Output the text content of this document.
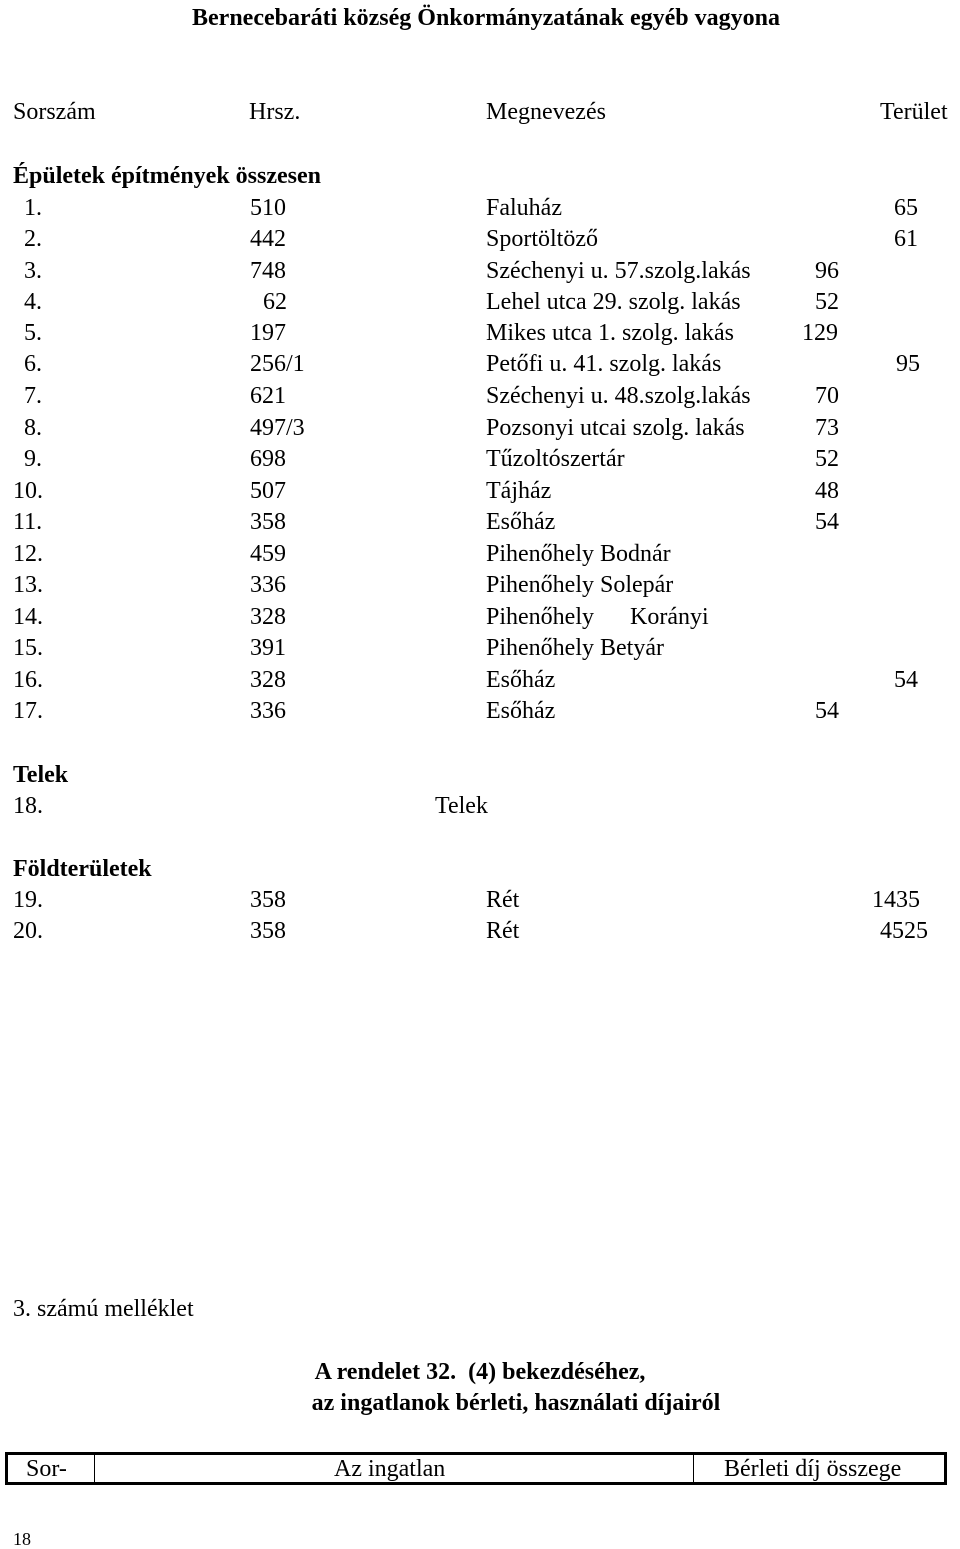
Bernecebaráti község Önkormányzatának egyéb vagyona
Sorszám	Hrsz.	Megnevezés	Terület
Épületek építmények összesen
1.	510	Faluház	65
2.	442	Sportöltöző	61
3.	748	Széchenyi u. 57.szolg.lakás	96
4.	62	Lehel utca 29. szolg. lakás	52
5.	197	Mikes utca 1. szolg. lakás	129
6.	256/1	Petőfi u. 41. szolg. lakás	95
7.	621	Széchenyi u. 48.szolg.lakás	70
8.	497/3	Pozsonyi utcai szolg. lakás	73
9.	698	Tűzoltószertár	52
10.	507	Tájház	48
11.	358	Esőház	54
12.	459	Pihenőhely Bodnár
13.	336	Pihenőhely Solepár
14.	328	Pihenőhely      Korányi
15.	391	Pihenőhely Betyár
16.	328	Esőház	54
17.	336	Esőház	54
Telek
18.	Telek
Földterületek
19.	358	Rét	1435
20.	358	Rét	4525
3. számú melléklet
A rendelet 32.  (4) bekezdéséhez,
az ingatlanok bérleti, használati díjairól
Sor-	Az ingatlan	Bérleti díj összege
18
